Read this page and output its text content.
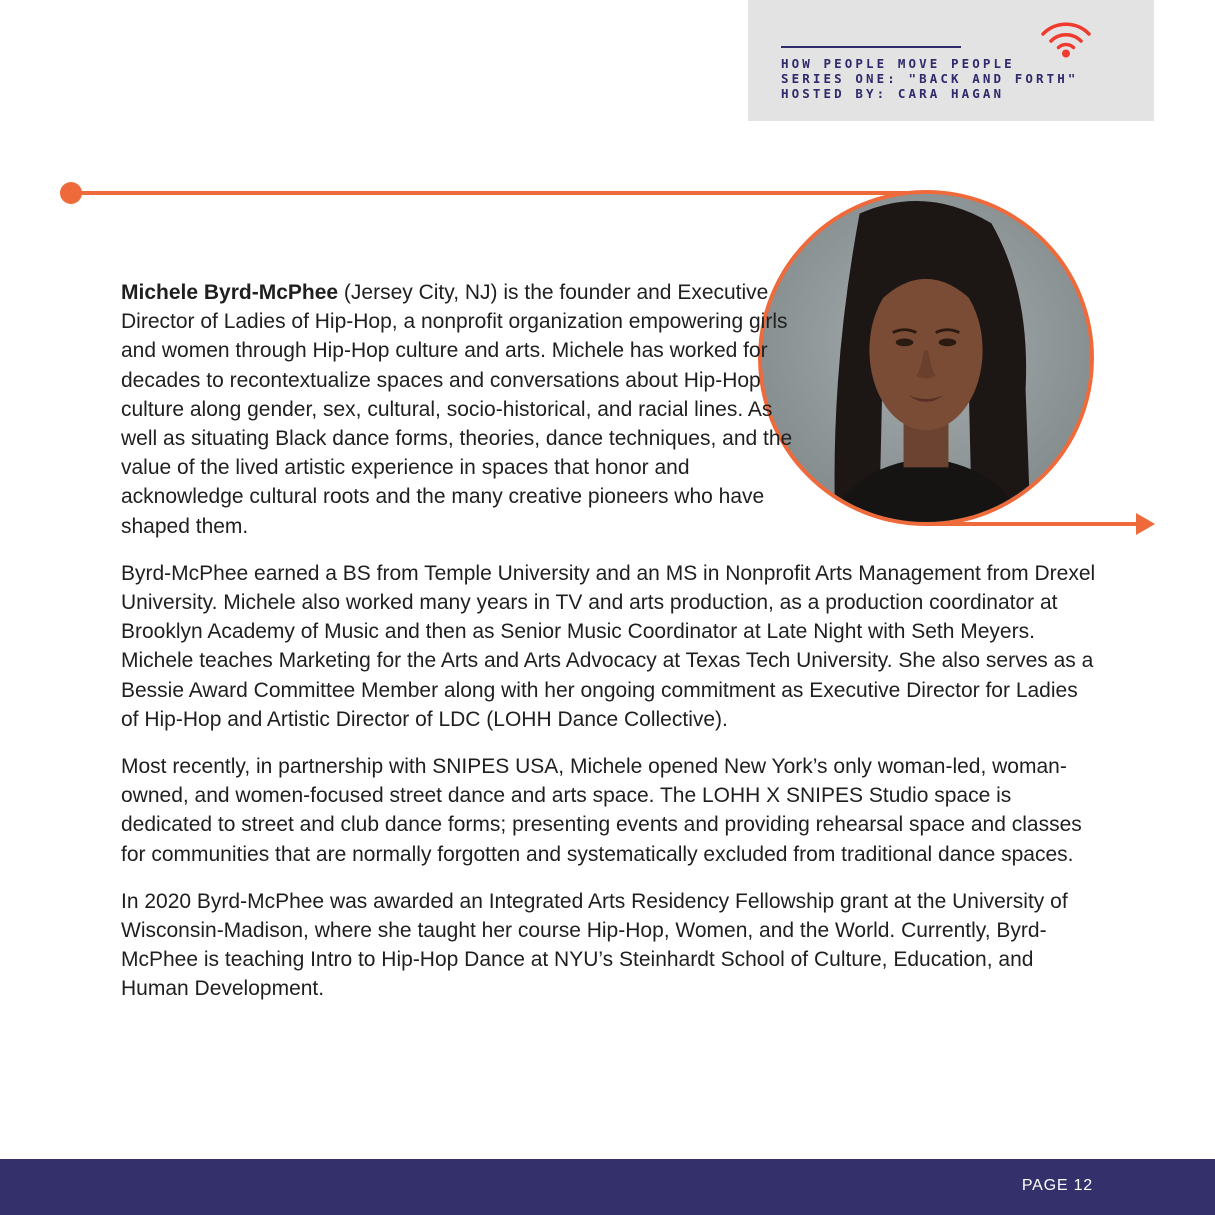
HOW PEOPLE MOVE PEOPLE
SERIES ONE: "BACK AND FORTH"
HOSTED BY: CARA HAGAN

Michele Byrd-McPhee (Jersey City, NJ) is the founder and Executive Director of Ladies of Hip-Hop, a nonprofit organization empowering girls and women through Hip-Hop culture and arts. Michele has worked for decades to recontextualize spaces and conversations about Hip-Hop culture along gender, sex, cultural, socio-historical, and racial lines. As well as situating Black dance forms, theories, dance techniques, and the value of the lived artistic experience in spaces that honor and acknowledge cultural roots and the many creative pioneers who have shaped them.

Byrd-McPhee earned a BS from Temple University and an MS in Nonprofit Arts Management from Drexel University. Michele also worked many years in TV and arts production, as a production coordinator at Brooklyn Academy of Music and then as Senior Music Coordinator at Late Night with Seth Meyers. Michele teaches Marketing for the Arts and Arts Advocacy at Texas Tech University. She also serves as a Bessie Award Committee Member along with her ongoing commitment as Executive Director for Ladies of Hip-Hop and Artistic Director of LDC (LOHH Dance Collective).

Most recently, in partnership with SNIPES USA, Michele opened New York’s only woman-led, woman-owned, and women-focused street dance and arts space. The LOHH X SNIPES Studio space is dedicated to street and club dance forms; presenting events and providing rehearsal space and classes for communities that are normally forgotten and systematically excluded from traditional dance spaces.

In 2020 Byrd-McPhee was awarded an Integrated Arts Residency Fellowship grant at the University of Wisconsin-Madison, where she taught her course Hip-Hop, Women, and the World. Currently, Byrd-McPhee is teaching Intro to Hip-Hop Dance at NYU’s Steinhardt School of Culture, Education, and Human Development.

PAGE 12
